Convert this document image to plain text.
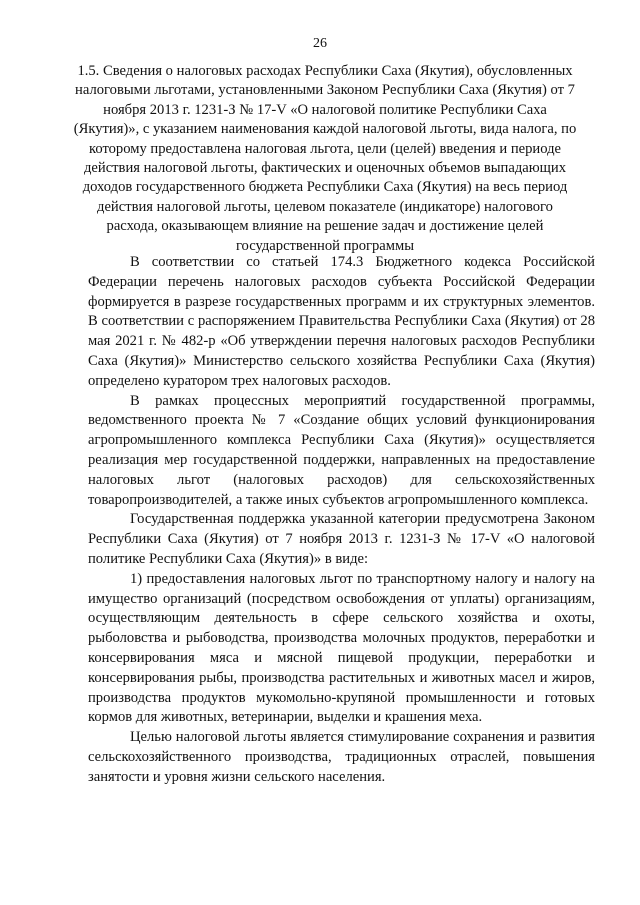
26
1.5. Сведения о налоговых расходах Республики Саха (Якутия), обусловленных налоговыми льготами, установленными Законом Республики Саха (Якутия) от 7 ноября 2013 г. 1231-З № 17-V «О налоговой политике Республики Саха (Якутия)», с указанием наименования каждой налоговой льготы, вида налога, по которому предоставлена налоговая льгота, цели (целей) введения и периоде действия налоговой льготы, фактических и оценочных объемов выпадающих доходов государственного бюджета Республики Саха (Якутия) на весь период действия налоговой льготы, целевом показателе (индикаторе) налогового расхода, оказывающем влияние на решение задач и достижение целей государственной программы

В соответствии со статьей 174.3 Бюджетного кодекса Российской Федерации перечень налоговых расходов субъекта Российской Федерации формируется в разрезе государственных программ и их структурных элементов. В соответствии с распоряжением Правительства Республики Саха (Якутия) от 28 мая 2021 г. № 482-р «Об утверждении перечня налоговых расходов Республики Саха (Якутия)» Министерство сельского хозяйства Республики Саха (Якутия) определено куратором трех налоговых расходов.

В рамках процессных мероприятий государственной программы, ведомственного проекта № 7 «Создание общих условий функционирования агропромышленного комплекса Республики Саха (Якутия)» осуществляется реализация мер государственной поддержки, направленных на предоставление налоговых льгот (налоговых расходов) для сельскохозяйственных товаропроизводителей, а также иных субъектов агропромышленного комплекса.

Государственная поддержка указанной категории предусмотрена Законом Республики Саха (Якутия) от 7 ноября 2013 г. 1231-З № 17-V «О налоговой политике Республики Саха (Якутия)» в виде:

1) предоставления налоговых льгот по транспортному налогу и налогу на имущество организаций (посредством освобождения от уплаты) организациям, осуществляющим деятельность в сфере сельского хозяйства и охоты, рыболовства и рыбоводства, производства молочных продуктов, переработки и консервирования мяса и мясной пищевой продукции, переработки и консервирования рыбы, производства растительных и животных масел и жиров, производства продуктов мукомольно-крупяной промышленности и готовых кормов для животных, ветеринарии, выделки и крашения меха.

Целью налоговой льготы является стимулирование сохранения и развития сельскохозяйственного производства, традиционных отраслей, повышения занятости и уровня жизни сельского населения.
